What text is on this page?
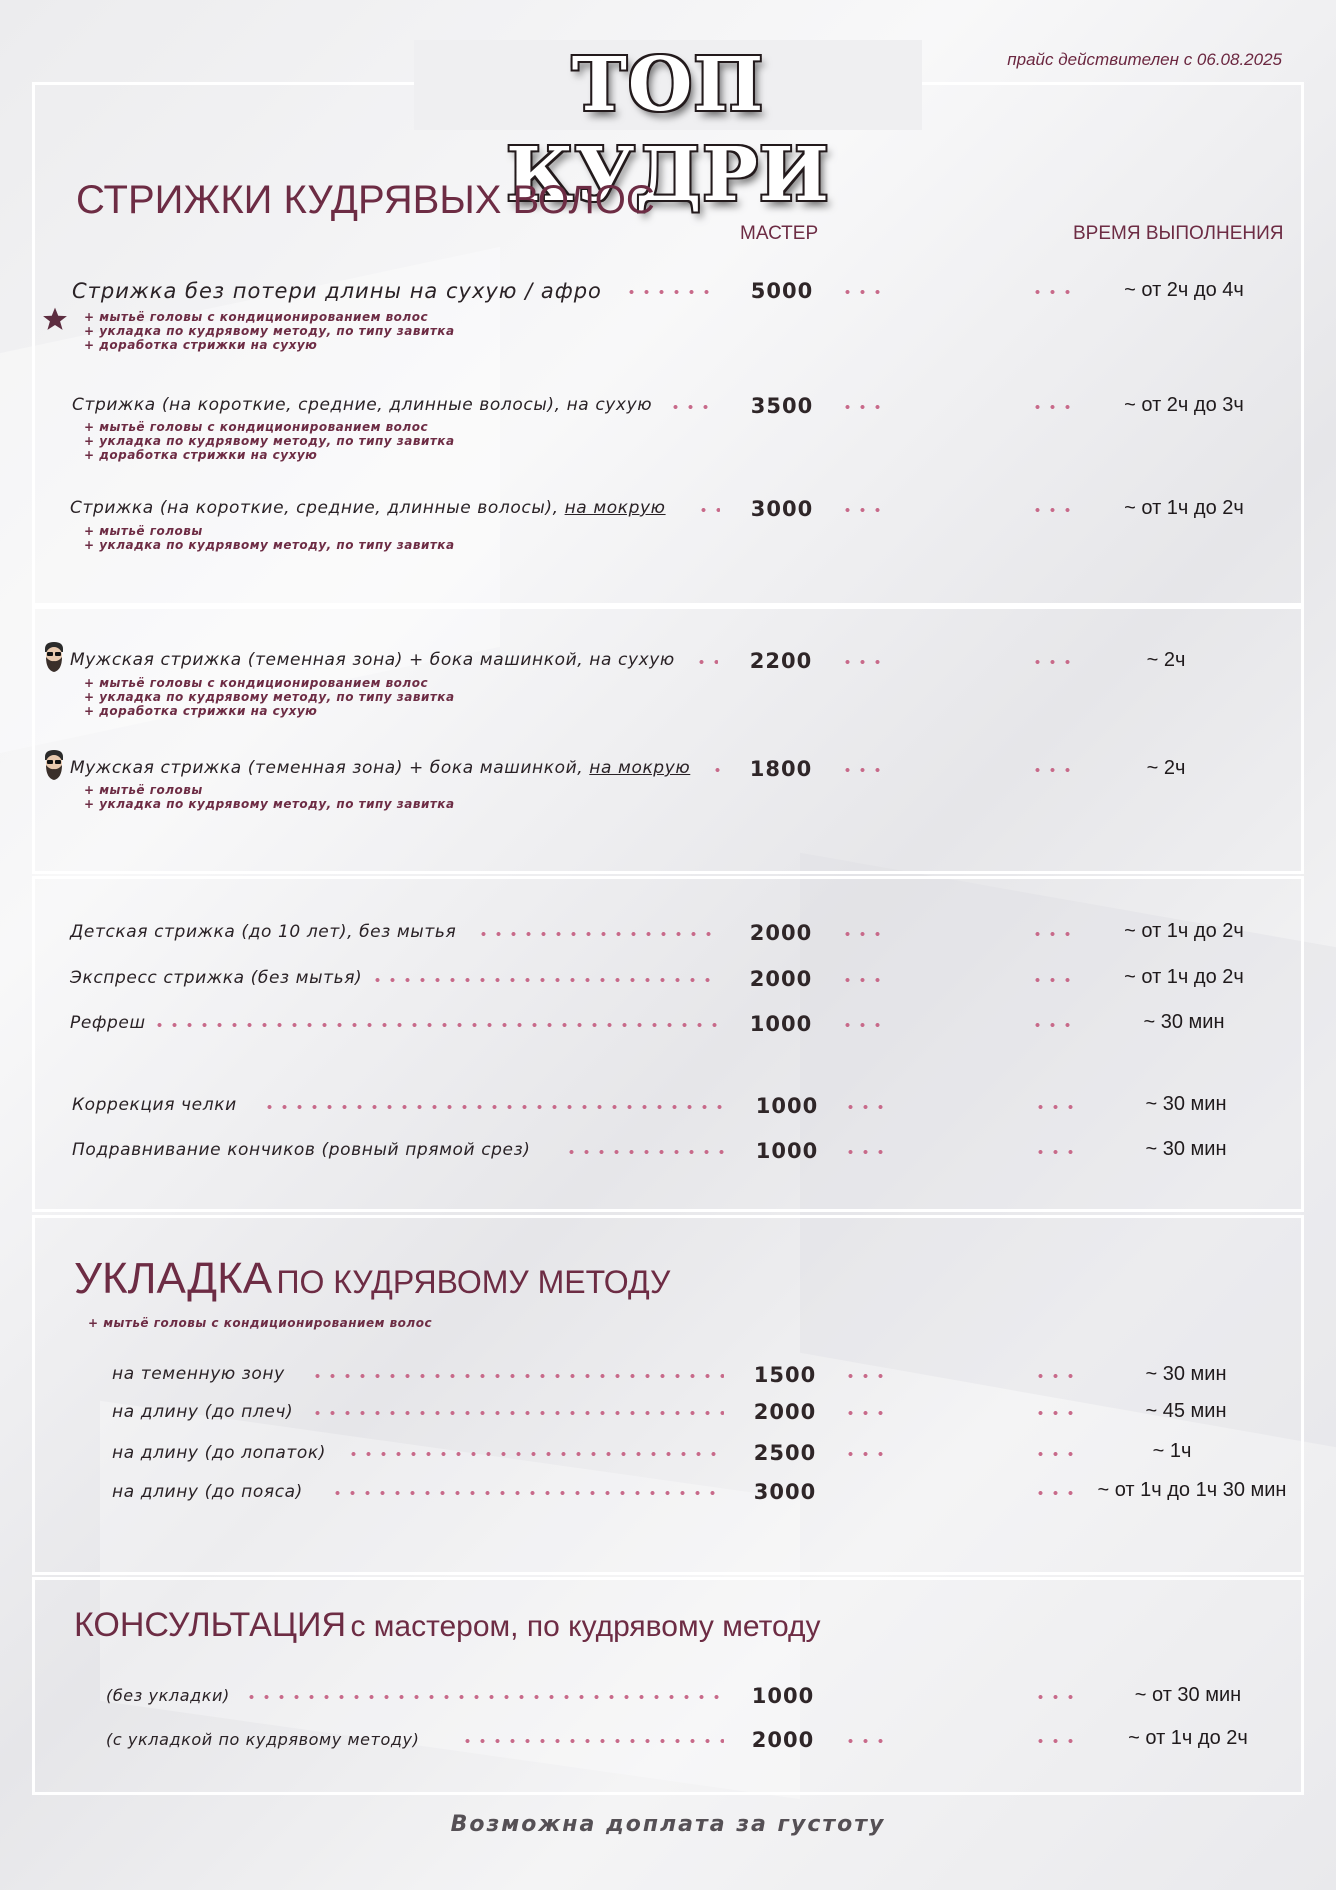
ТОП КУДРИ
прайс действителен с 06.08.2025
СТРИЖКИ КУДРЯВЫХ ВОЛОС
МАСТЕР	ВРЕМЯ ВЫПОЛНЕНИЯ
Стрижка без потери длины на сухую / афро	5000	~ от 2ч до 4ч
+ мытьё головы с кондиционированием волос
+ укладка по кудрявому методу, по типу завитка
+ доработка стрижки на сухую
Стрижка (на короткие, средние, длинные волосы), на сухую	3500	~ от 2ч до 3ч
+ мытьё головы с кондиционированием волос
+ укладка по кудрявому методу, по типу завитка
+ доработка стрижки на сухую
Стрижка (на короткие, средние, длинные волосы), на мокрую	3000	~ от 1ч до 2ч
+ мытьё головы
+ укладка по кудрявому методу, по типу завитка
Мужская стрижка (теменная зона) + бока машинкой, на сухую	2200	~ 2ч
+ мытьё головы с кондиционированием волос
+ укладка по кудрявому методу, по типу завитка
+ доработка стрижки на сухую
Мужская стрижка (теменная зона) + бока машинкой, на мокрую	1800	~ 2ч
+ мытьё головы
+ укладка по кудрявому методу, по типу завитка
Детская стрижка (до 10 лет), без мытья	2000	~ от 1ч до 2ч
Экспресс стрижка (без мытья)	2000	~ от 1ч до 2ч
Рефреш	1000	~ 30 мин
Коррекция челки	1000	~ 30 мин
Подравнивание кончиков (ровный прямой срез)	1000	~ 30 мин
УКЛАДКА ПО КУДРЯВОМУ МЕТОДУ
+ мытьё головы с кондиционированием волос
на теменную зону	1500	~ 30 мин
на длину (до плеч)	2000	~ 45 мин
на длину (до лопаток)	2500	~ 1ч
на длину (до пояса)	3000	~ от 1ч до 1ч 30 мин
КОНСУЛЬТАЦИЯ с мастером, по кудрявому методу
(без укладки)	1000	~ от 30 мин
(с укладкой по кудрявому методу)	2000	~ от 1ч до 2ч
Возможна доплата за густоту
